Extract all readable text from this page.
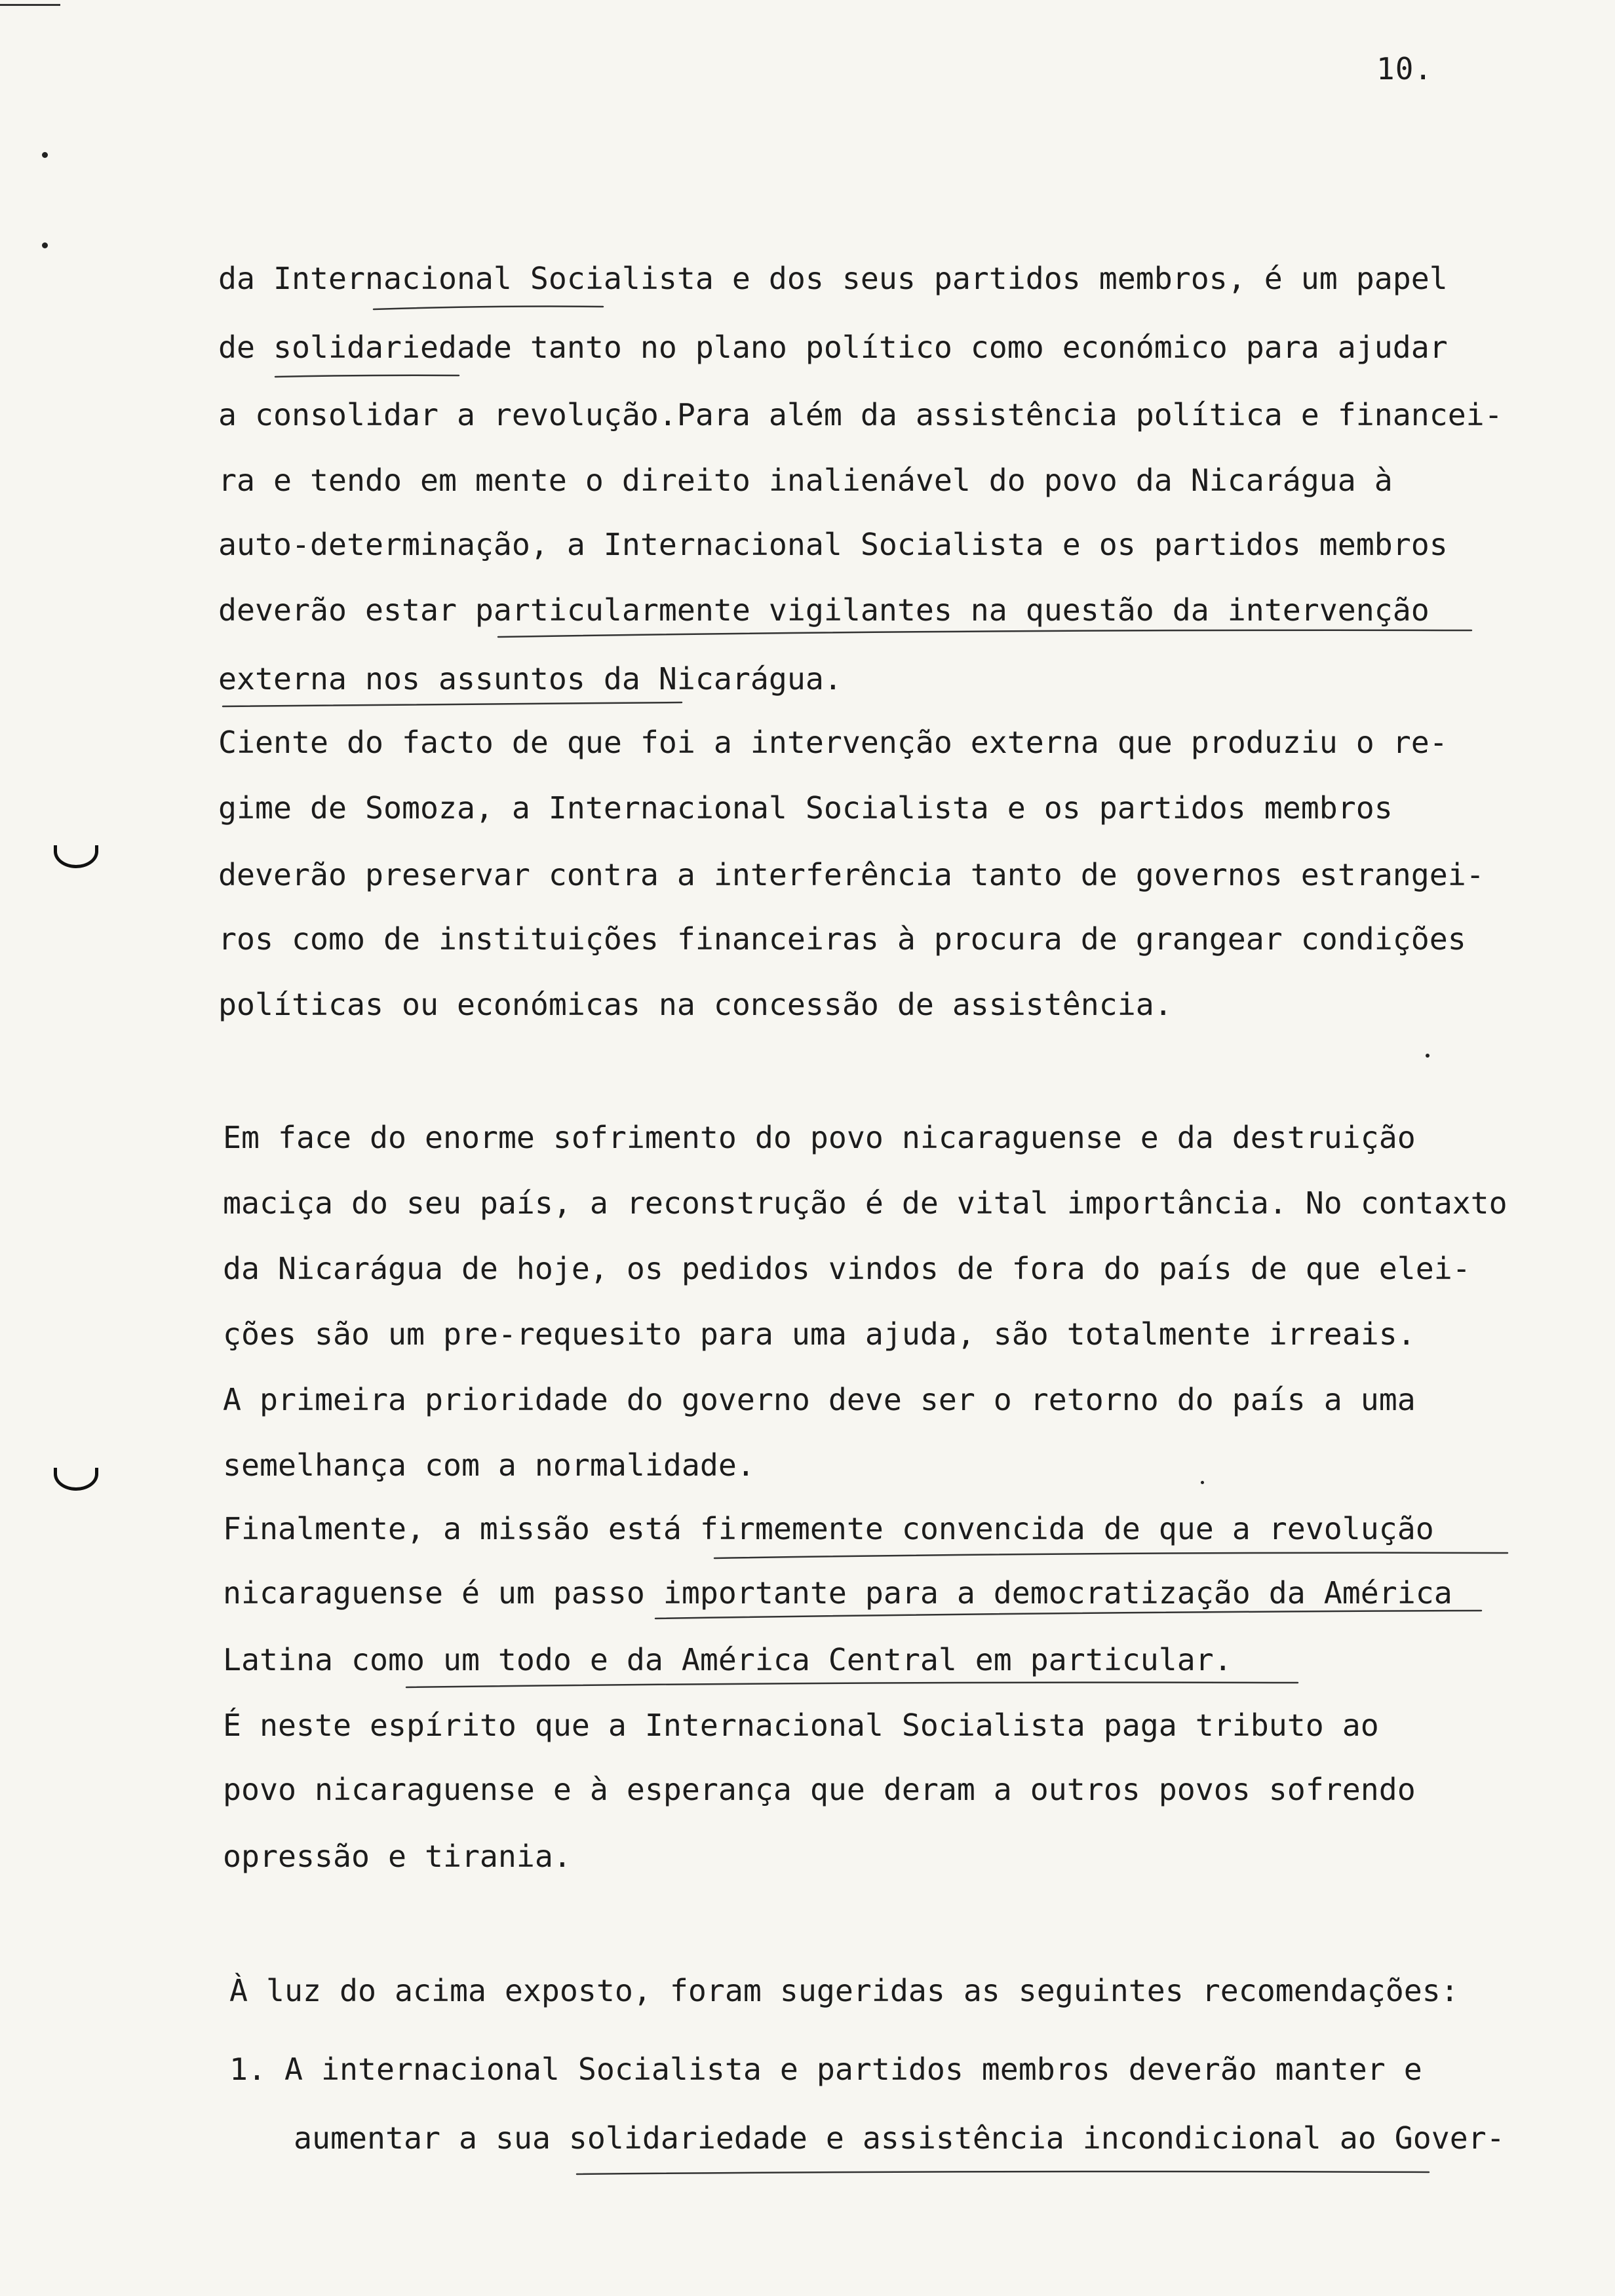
10.
da Internacional Socialista e dos seus partidos membros, é um papel
de solidariedade tanto no plano político como económico para ajudar
a consolidar a revolução.Para além da assistência política e financei-
ra e tendo em mente o direito inalienável do povo da Nicarágua à
auto-determinação, a Internacional Socialista e os partidos membros
deverão estar particularmente vigilantes na questão da intervenção
externa nos assuntos da Nicarágua.
Ciente do facto de que foi a intervenção externa que produziu o re-
gime de Somoza, a Internacional Socialista e os partidos membros
deverão preservar contra a interferência tanto de governos estrangei-
ros como de instituições financeiras à procura de grangear condições
políticas ou económicas na concessão de assistência.
Em face do enorme sofrimento do povo nicaraguense e da destruição
maciça do seu país, a reconstrução é de vital importância. No contaxto
da Nicarágua de hoje, os pedidos vindos de fora do país de que elei-
ções são um pre-requesito para uma ajuda, são totalmente irreais.
A primeira prioridade do governo deve ser o retorno do país a uma
semelhança com a normalidade.
Finalmente, a missão está firmemente convencida de que a revolução
nicaraguense é um passo importante para a democratização da América
Latina como um todo e da América Central em particular.
É neste espírito que a Internacional Socialista paga tributo ao
povo nicaraguense e à esperança que deram a outros povos sofrendo
opressão e tirania.
À luz do acima exposto, foram sugeridas as seguintes recomendações:
1. A internacional Socialista e partidos membros deverão manter e
aumentar a sua solidariedade e assistência incondicional ao Gover-
